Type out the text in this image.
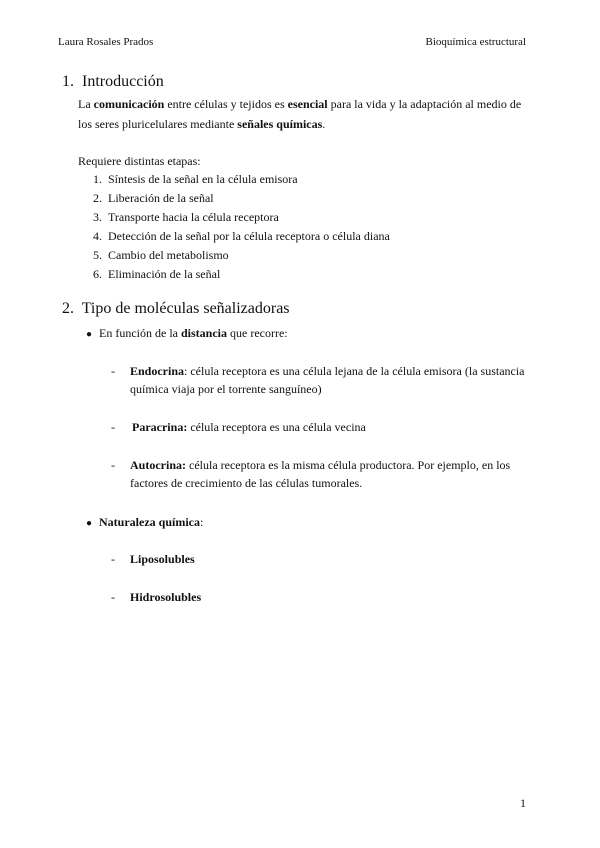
Laura Rosales Prados	Bioquímica estructural
1. Introducción

La comunicación entre células y tejidos es esencial para la vida y la adaptación al medio de los seres pluricelulares mediante señales químicas.

Requiere distintas etapas:

1. Síntesis de la señal en la célula emisora
2. Liberación de la señal
3. Transporte hacia la célula receptora
4. Detección de la señal por la célula receptora o célula diana
5. Cambio del metabolismo
6. Eliminación de la señal
2. Tipo de moléculas señalizadoras
● En función de la distancia que recorre:
- Endocrina: célula receptora es una célula lejana de la célula emisora (la sustancia química viaja por el torrente sanguíneo)
- Paracrina: célula receptora es una célula vecina
- Autocrina: célula receptora es la misma célula productora. Por ejemplo, en los factores de crecimiento de las células tumorales.
● Naturaleza química:
- Liposolubles
- Hidrosolubles
1
